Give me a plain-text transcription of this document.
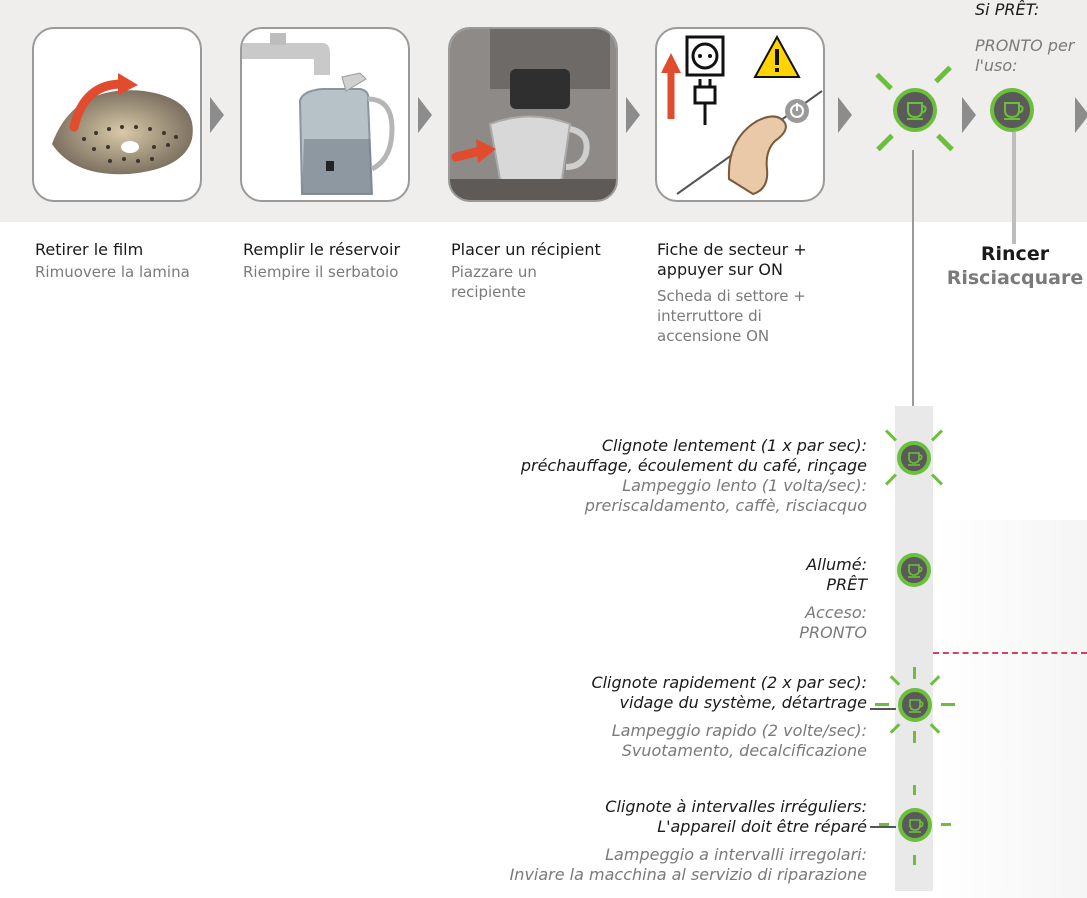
Si PRÊT:
PRONTO per l'uso:
Retirer le film
Rimuovere la lamina
Remplir le réservoir
Riempire il serbatoio
Placer un récipient
Piazzare un recipiente
Fiche de secteur + appuyer sur ON
Scheda di settore + interruttore di accensione ON
Rincer
Risciacquare
Clignote lentement (1 x par sec):
préchauffage, écoulement du café, rinçage
Lampeggio lento (1 volta/sec):
preriscaldamento, caffè, risciacquo
Allumé:
PRÊT
Acceso:
PRONTO
Clignote rapidement (2 x par sec):
vidage du système, détartrage
Lampeggio rapido (2 volte/sec):
Svuotamento, decalcificazione
Clignote à intervalles irréguliers:
L'appareil doit être réparé
Lampeggio a intervalli irregolari:
Inviare la macchina al servizio di riparazione
